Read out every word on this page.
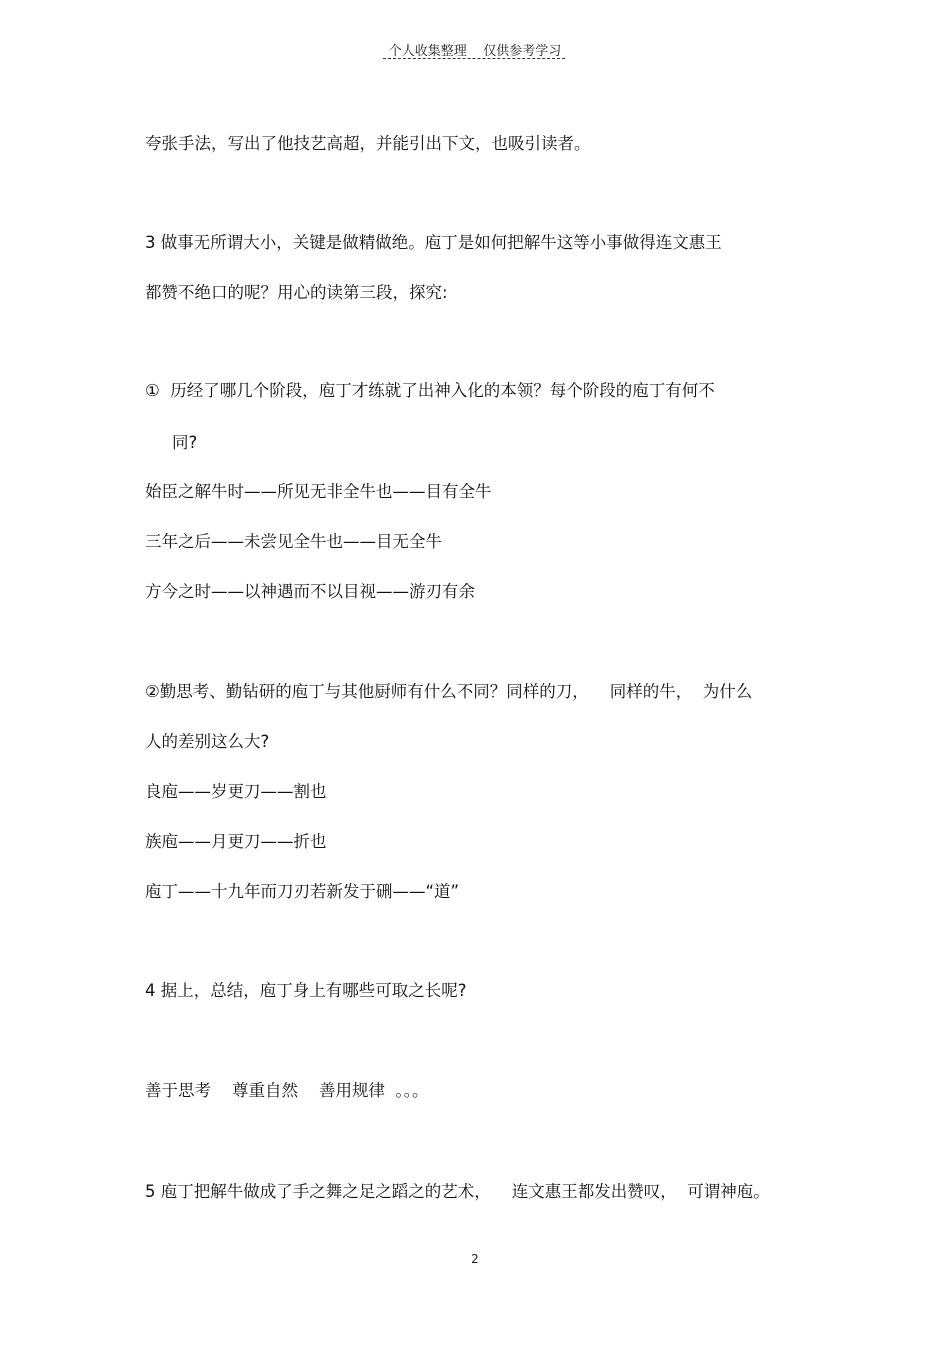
个人收集整理    仅供参考学习
夸张手法，写出了他技艺高超，并能引出下文，也吸引读者。
3 做事无所谓大小，关键是做精做绝。庖丁是如何把解牛这等小事做得连文惠王
都赞不绝口的呢？用心的读第三段，探究:
①  历经了哪几个阶段，庖丁才练就了出神入化的本领？每个阶段的庖丁有何不
同?
始臣之解牛时——所见无非全牛也——目有全牛
三年之后——未尝见全牛也——目无全牛
方今之时——以神遇而不以目视——游刃有余
②勤思考、勤钻研的庖丁与其他厨师有什么不同？同样的刀，    同样的牛，  为什么
人的差别这么大?
良庖——岁更刀——割也
族庖——月更刀——折也
庖丁——十九年而刀刃若新发于硎——“道”
4 据上，总结，庖丁身上有哪些可取之长呢?
善于思考    尊重自然    善用规律  。。。
5 庖丁把解牛做成了手之舞之足之蹈之的艺术，    连文惠王都发出赞叹，  可谓神庖。
2
